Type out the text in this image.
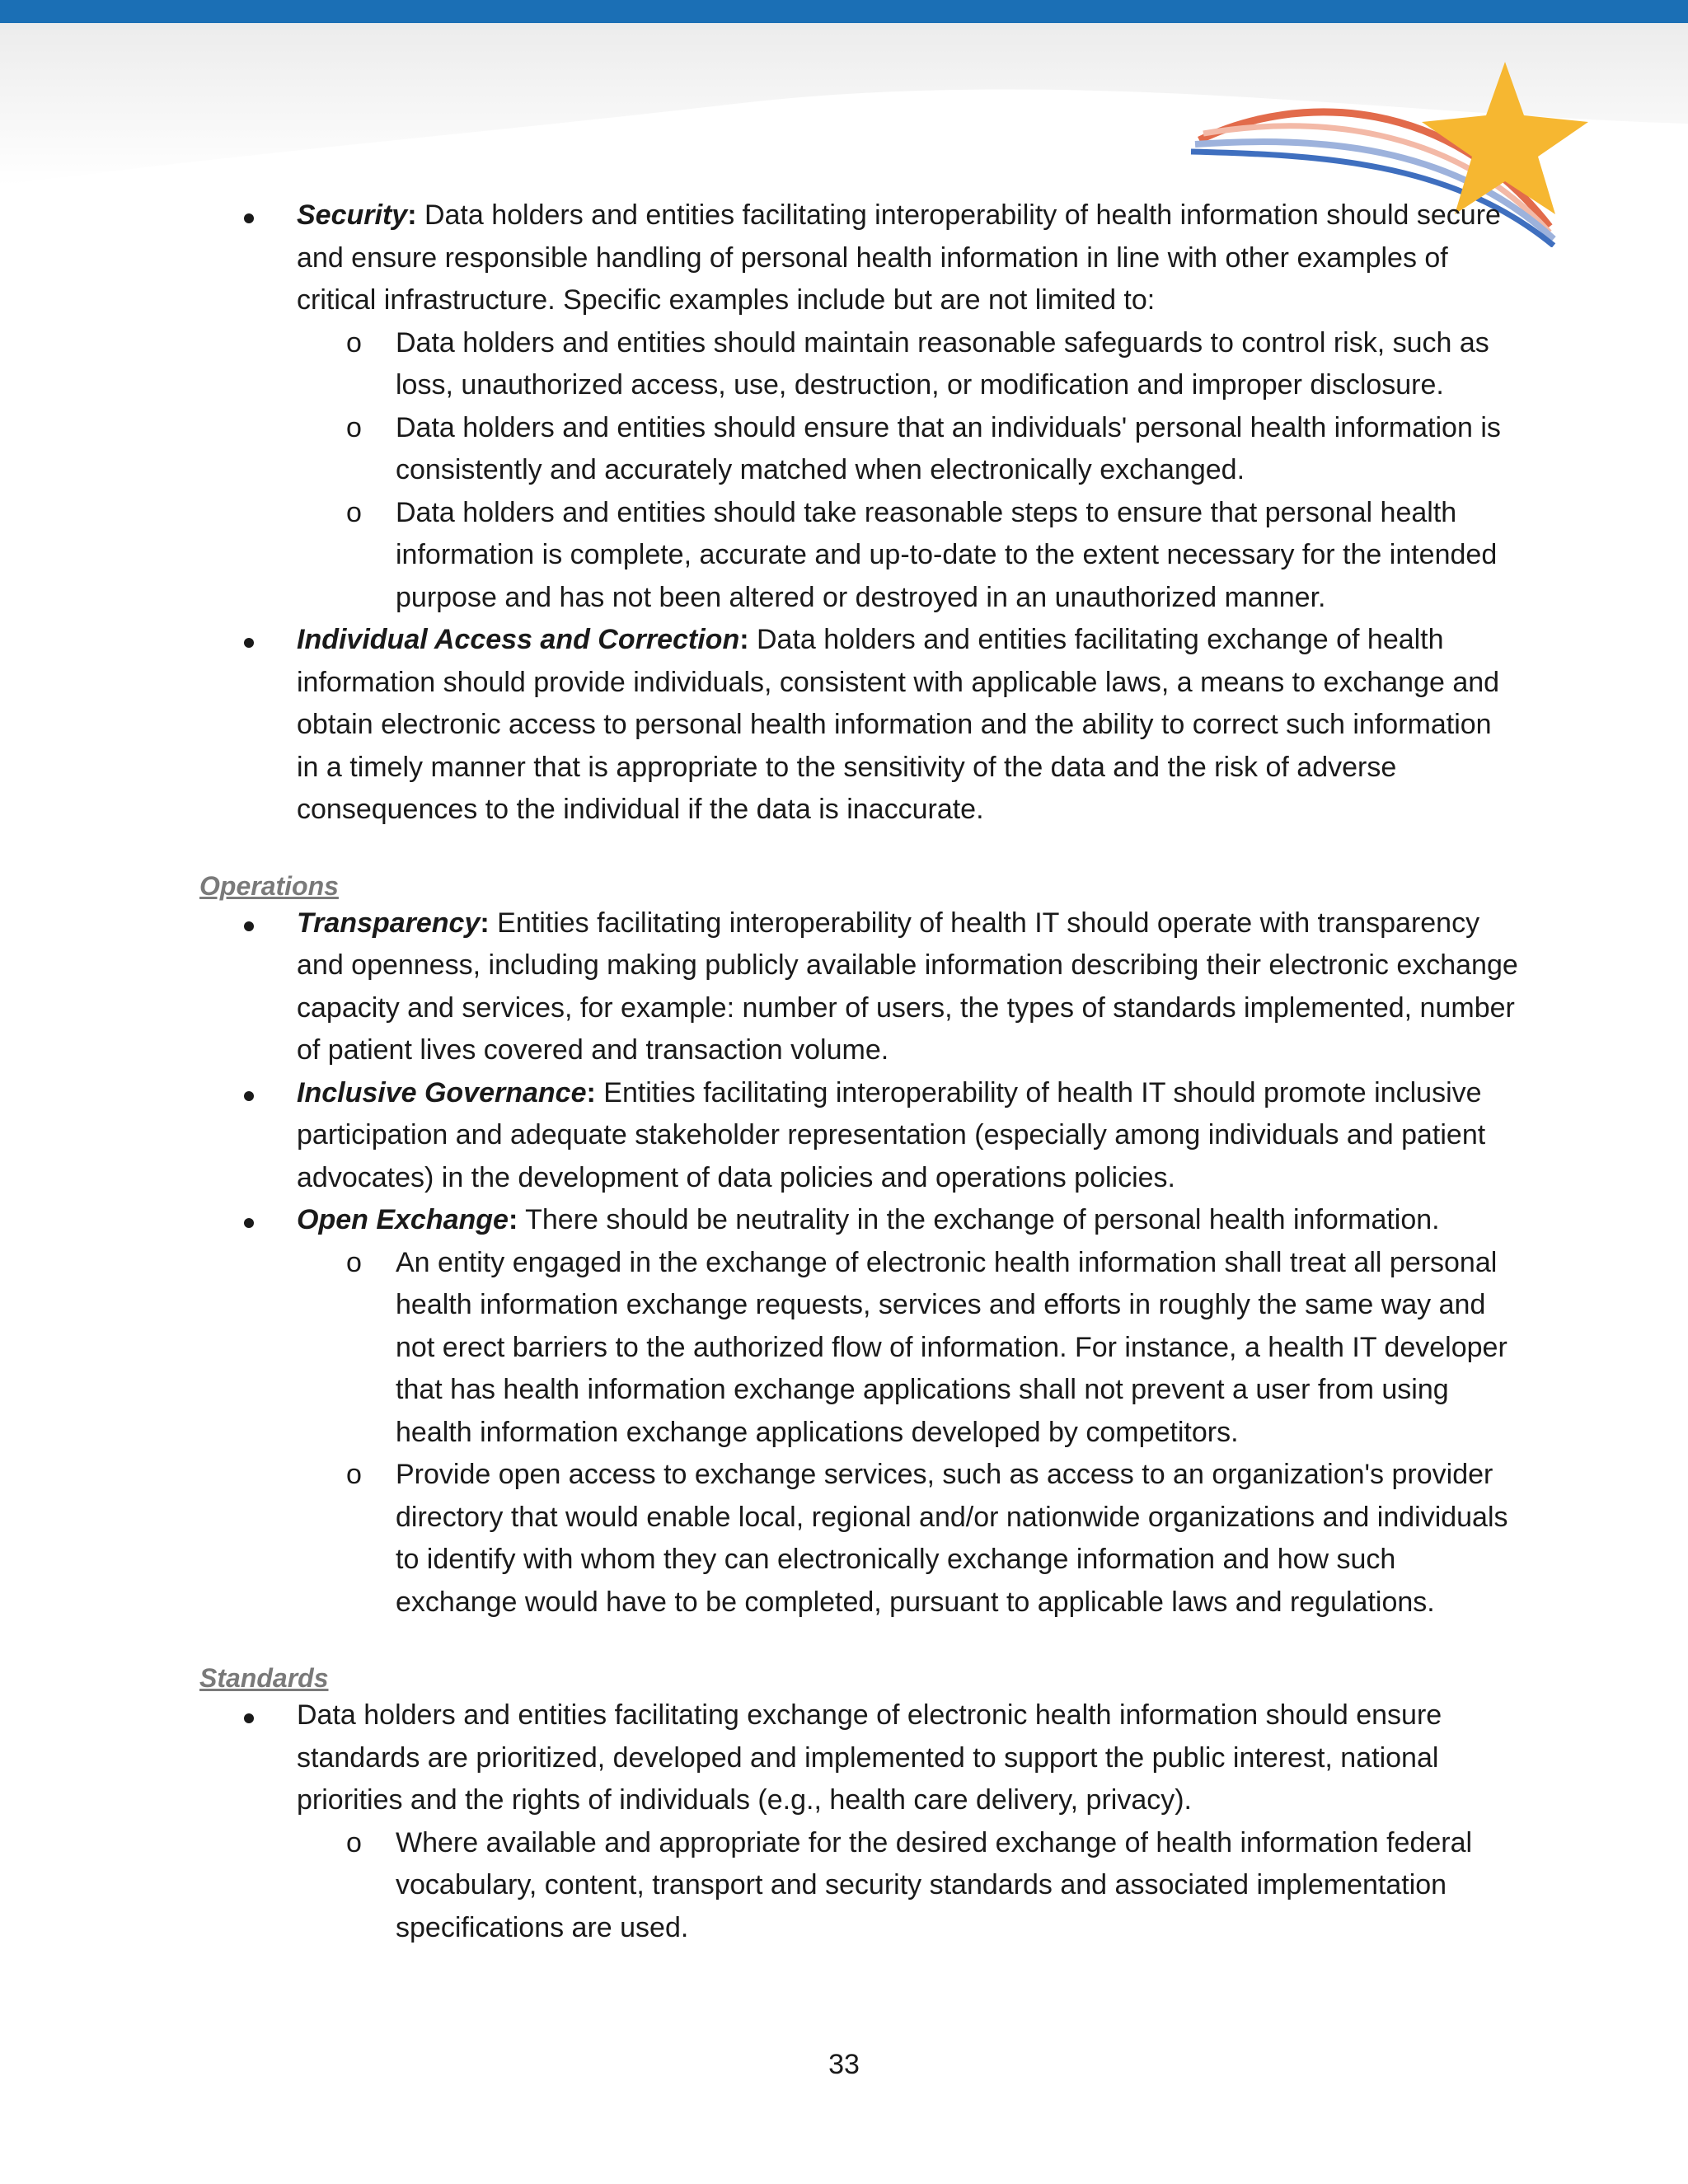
Security: Data holders and entities facilitating interoperability of health information should secure and ensure responsible handling of personal health information in line with other examples of critical infrastructure. Specific examples include but are not limited to:
o Data holders and entities should maintain reasonable safeguards to control risk, such as loss, unauthorized access, use, destruction, or modification and improper disclosure.
o Data holders and entities should ensure that an individuals' personal health information is consistently and accurately matched when electronically exchanged.
o Data holders and entities should take reasonable steps to ensure that personal health information is complete, accurate and up-to-date to the extent necessary for the intended purpose and has not been altered or destroyed in an unauthorized manner.
Individual Access and Correction: Data holders and entities facilitating exchange of health information should provide individuals, consistent with applicable laws, a means to exchange and obtain electronic access to personal health information and the ability to correct such information in a timely manner that is appropriate to the sensitivity of the data and the risk of adverse consequences to the individual if the data is inaccurate.
Operations
Transparency: Entities facilitating interoperability of health IT should operate with transparency and openness, including making publicly available information describing their electronic exchange capacity and services, for example: number of users, the types of standards implemented, number of patient lives covered and transaction volume.
Inclusive Governance: Entities facilitating interoperability of health IT should promote inclusive participation and adequate stakeholder representation (especially among individuals and patient advocates) in the development of data policies and operations policies.
Open Exchange: There should be neutrality in the exchange of personal health information.
o An entity engaged in the exchange of electronic health information shall treat all personal health information exchange requests, services and efforts in roughly the same way and not erect barriers to the authorized flow of information. For instance, a health IT developer that has health information exchange applications shall not prevent a user from using health information exchange applications developed by competitors.
o Provide open access to exchange services, such as access to an organization's provider directory that would enable local, regional and/or nationwide organizations and individuals to identify with whom they can electronically exchange information and how such exchange would have to be completed, pursuant to applicable laws and regulations.
Standards
Data holders and entities facilitating exchange of electronic health information should ensure standards are prioritized, developed and implemented to support the public interest, national priorities and the rights of individuals (e.g., health care delivery, privacy).
o Where available and appropriate for the desired exchange of health information federal vocabulary, content, transport and security standards and associated implementation specifications are used.
33
